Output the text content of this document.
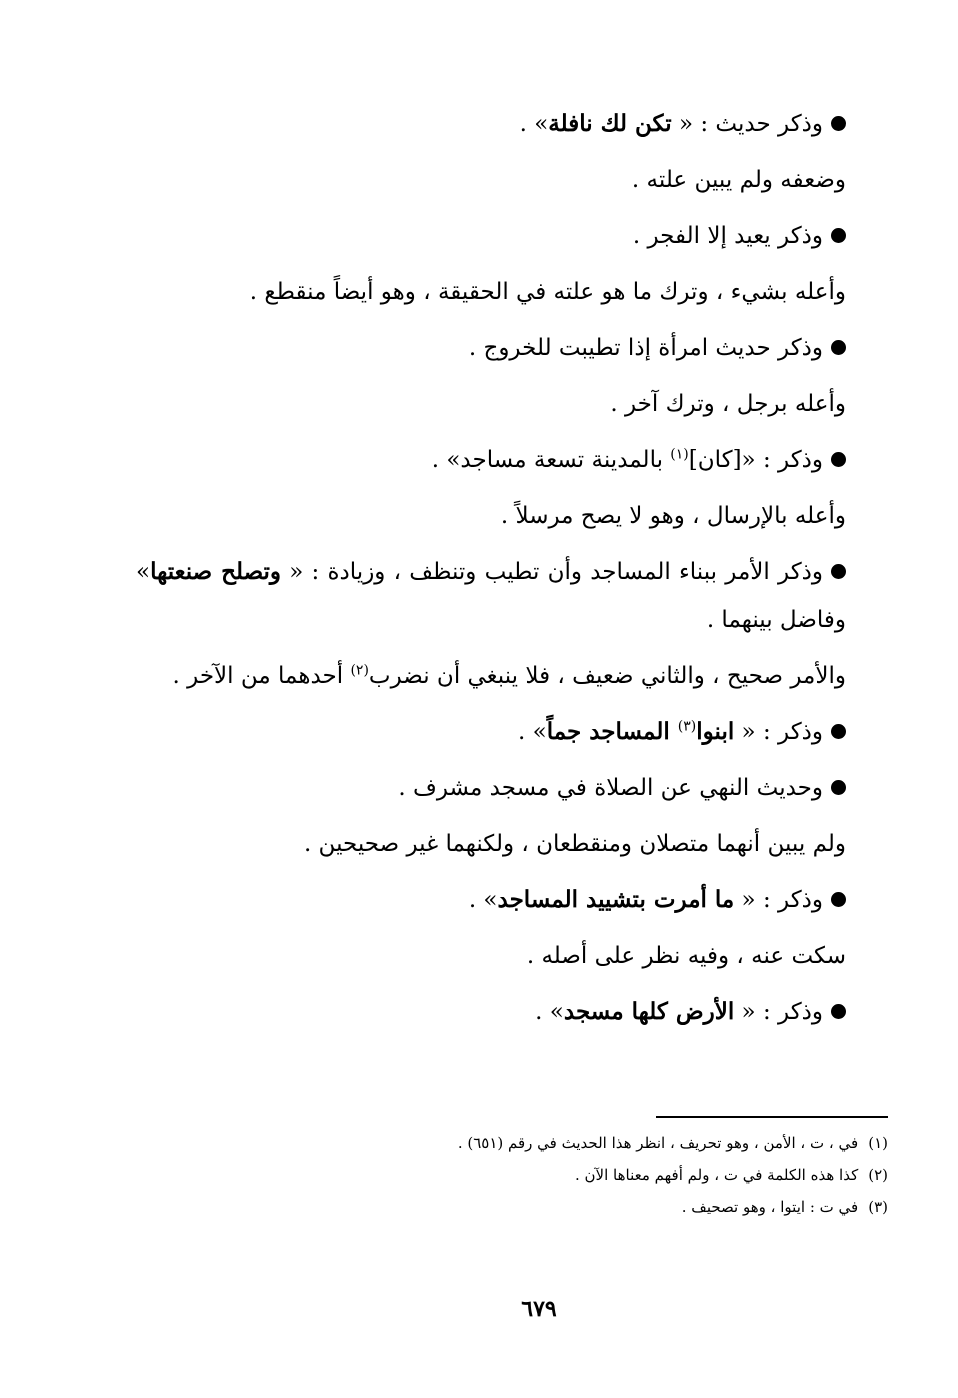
وذكر حديث : « تكن لك نافلة» .
وضعفه ولم يبين علته .
وذكر يعيد إلا الفجر .
وأعله بشيء ، وترك ما هو علته في الحقيقة ، وهو أيضاً منقطع .
وذكر حديث امرأة إذا تطيبت للخروج .
وأعله برجل ، وترك آخر .
وذكر : «[كان]$^{(١)}$ بالمدينة تسعة مساجد» .
وأعله بالإرسال ، وهو لا يصح مرسلاً .
وذكر الأمر ببناء المساجد وأن تطيب وتنظف ، وزيادة : « وتصلح صنعتها» وفاضل بينهما .
والأمر صحيح ، والثاني ضعيف ، فلا ينبغي أن نضرب$^{(٢)}$ أحدهما من الآخر .
وذكر : « ابنوا$^{(٣)}$ المساجد جماً» .
وحديث النهي عن الصلاة في مسجد مشرف .
ولم يبين أنهما متصلان ومنقطعان ، ولكنهما غير صحيحين .
وذكر : « ما أمرت بتشييد المساجد» .
سكت عنه ، وفيه نظر على أصله .
وذكر : « الأرض كلها مسجد» .
(١)في ، ت ، الأمن ، وهو تحريف ، انظر هذا الحديث في رقم (٦٥١) .
(٢)كذا هذه الكلمة في ت ، ولم أفهم معناها الآن .
(٣)في ت : ايتوا ، وهو تصحيف .
٦٧٩
